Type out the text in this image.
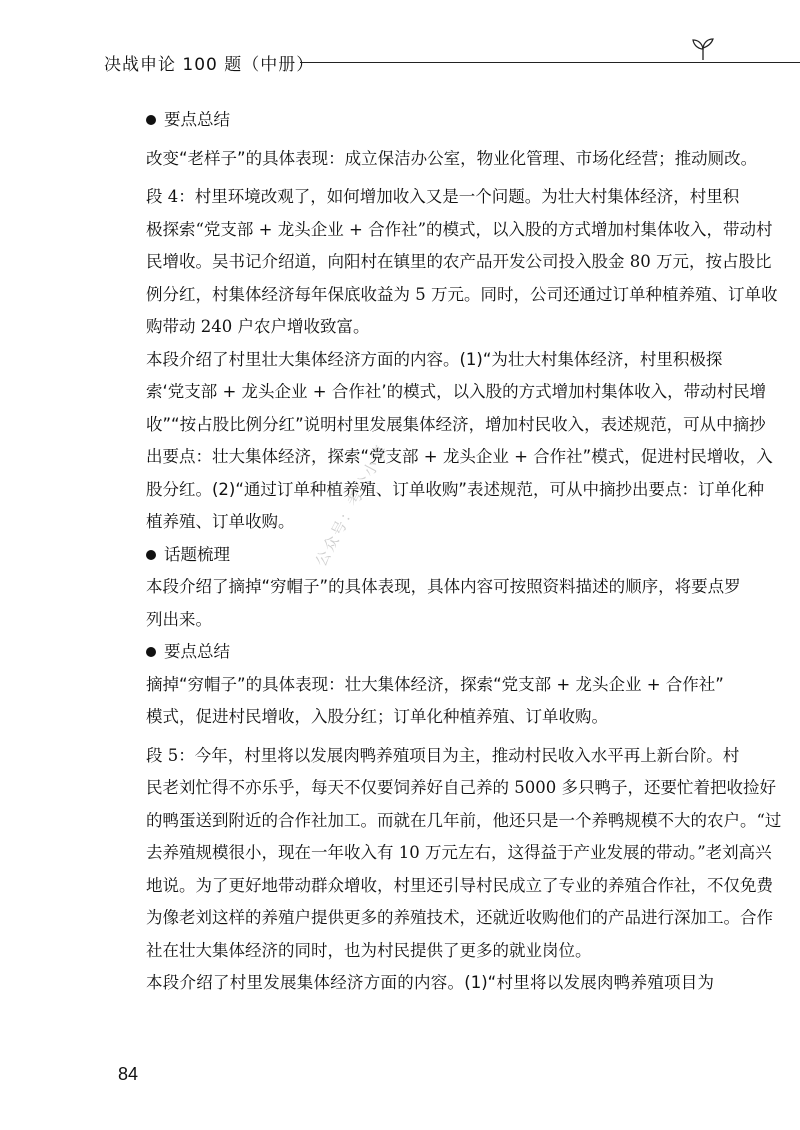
决战申论 100 题（中册）
公众号：考公小镇
要点总结
改变“老样子”的具体表现：成立保洁办公室，物业化管理、市场化经营；推动厕改。
段 4：村里环境改观了，如何增加收入又是一个问题。为壮大村集体经济，村里积
极探索“党支部 + 龙头企业 + 合作社”的模式，以入股的方式增加村集体收入，带动村
民增收。吴书记介绍道，向阳村在镇里的农产品开发公司投入股金 80 万元，按占股比
例分红，村集体经济每年保底收益为 5 万元。同时，公司还通过订单种植养殖、订单收
购带动 240 户农户增收致富。
本段介绍了村里壮大集体经济方面的内容。(1)“为壮大村集体经济，村里积极探
索‘党支部 + 龙头企业 + 合作社’的模式，以入股的方式增加村集体收入，带动村民增
收”“按占股比例分红”说明村里发展集体经济，增加村民收入，表述规范，可从中摘抄
出要点：壮大集体经济，探索“党支部 + 龙头企业 + 合作社”模式，促进村民增收，入
股分红。(2)“通过订单种植养殖、订单收购”表述规范，可从中摘抄出要点：订单化种
植养殖、订单收购。
话题梳理
本段介绍了摘掉“穷帽子”的具体表现，具体内容可按照资料描述的顺序，将要点罗
列出来。
要点总结
摘掉“穷帽子”的具体表现：壮大集体经济，探索“党支部 + 龙头企业 + 合作社”
模式，促进村民增收，入股分红；订单化种植养殖、订单收购。
段 5：今年，村里将以发展肉鸭养殖项目为主，推动村民收入水平再上新台阶。村
民老刘忙得不亦乐乎，每天不仅要饲养好自己养的 5000 多只鸭子，还要忙着把收捡好
的鸭蛋送到附近的合作社加工。而就在几年前，他还只是一个养鸭规模不大的农户。“过
去养殖规模很小，现在一年收入有 10 万元左右，这得益于产业发展的带动。”老刘高兴
地说。为了更好地带动群众增收，村里还引导村民成立了专业的养殖合作社，不仅免费
为像老刘这样的养殖户提供更多的养殖技术，还就近收购他们的产品进行深加工。合作
社在壮大集体经济的同时，也为村民提供了更多的就业岗位。
本段介绍了村里发展集体经济方面的内容。(1)“村里将以发展肉鸭养殖项目为
84
